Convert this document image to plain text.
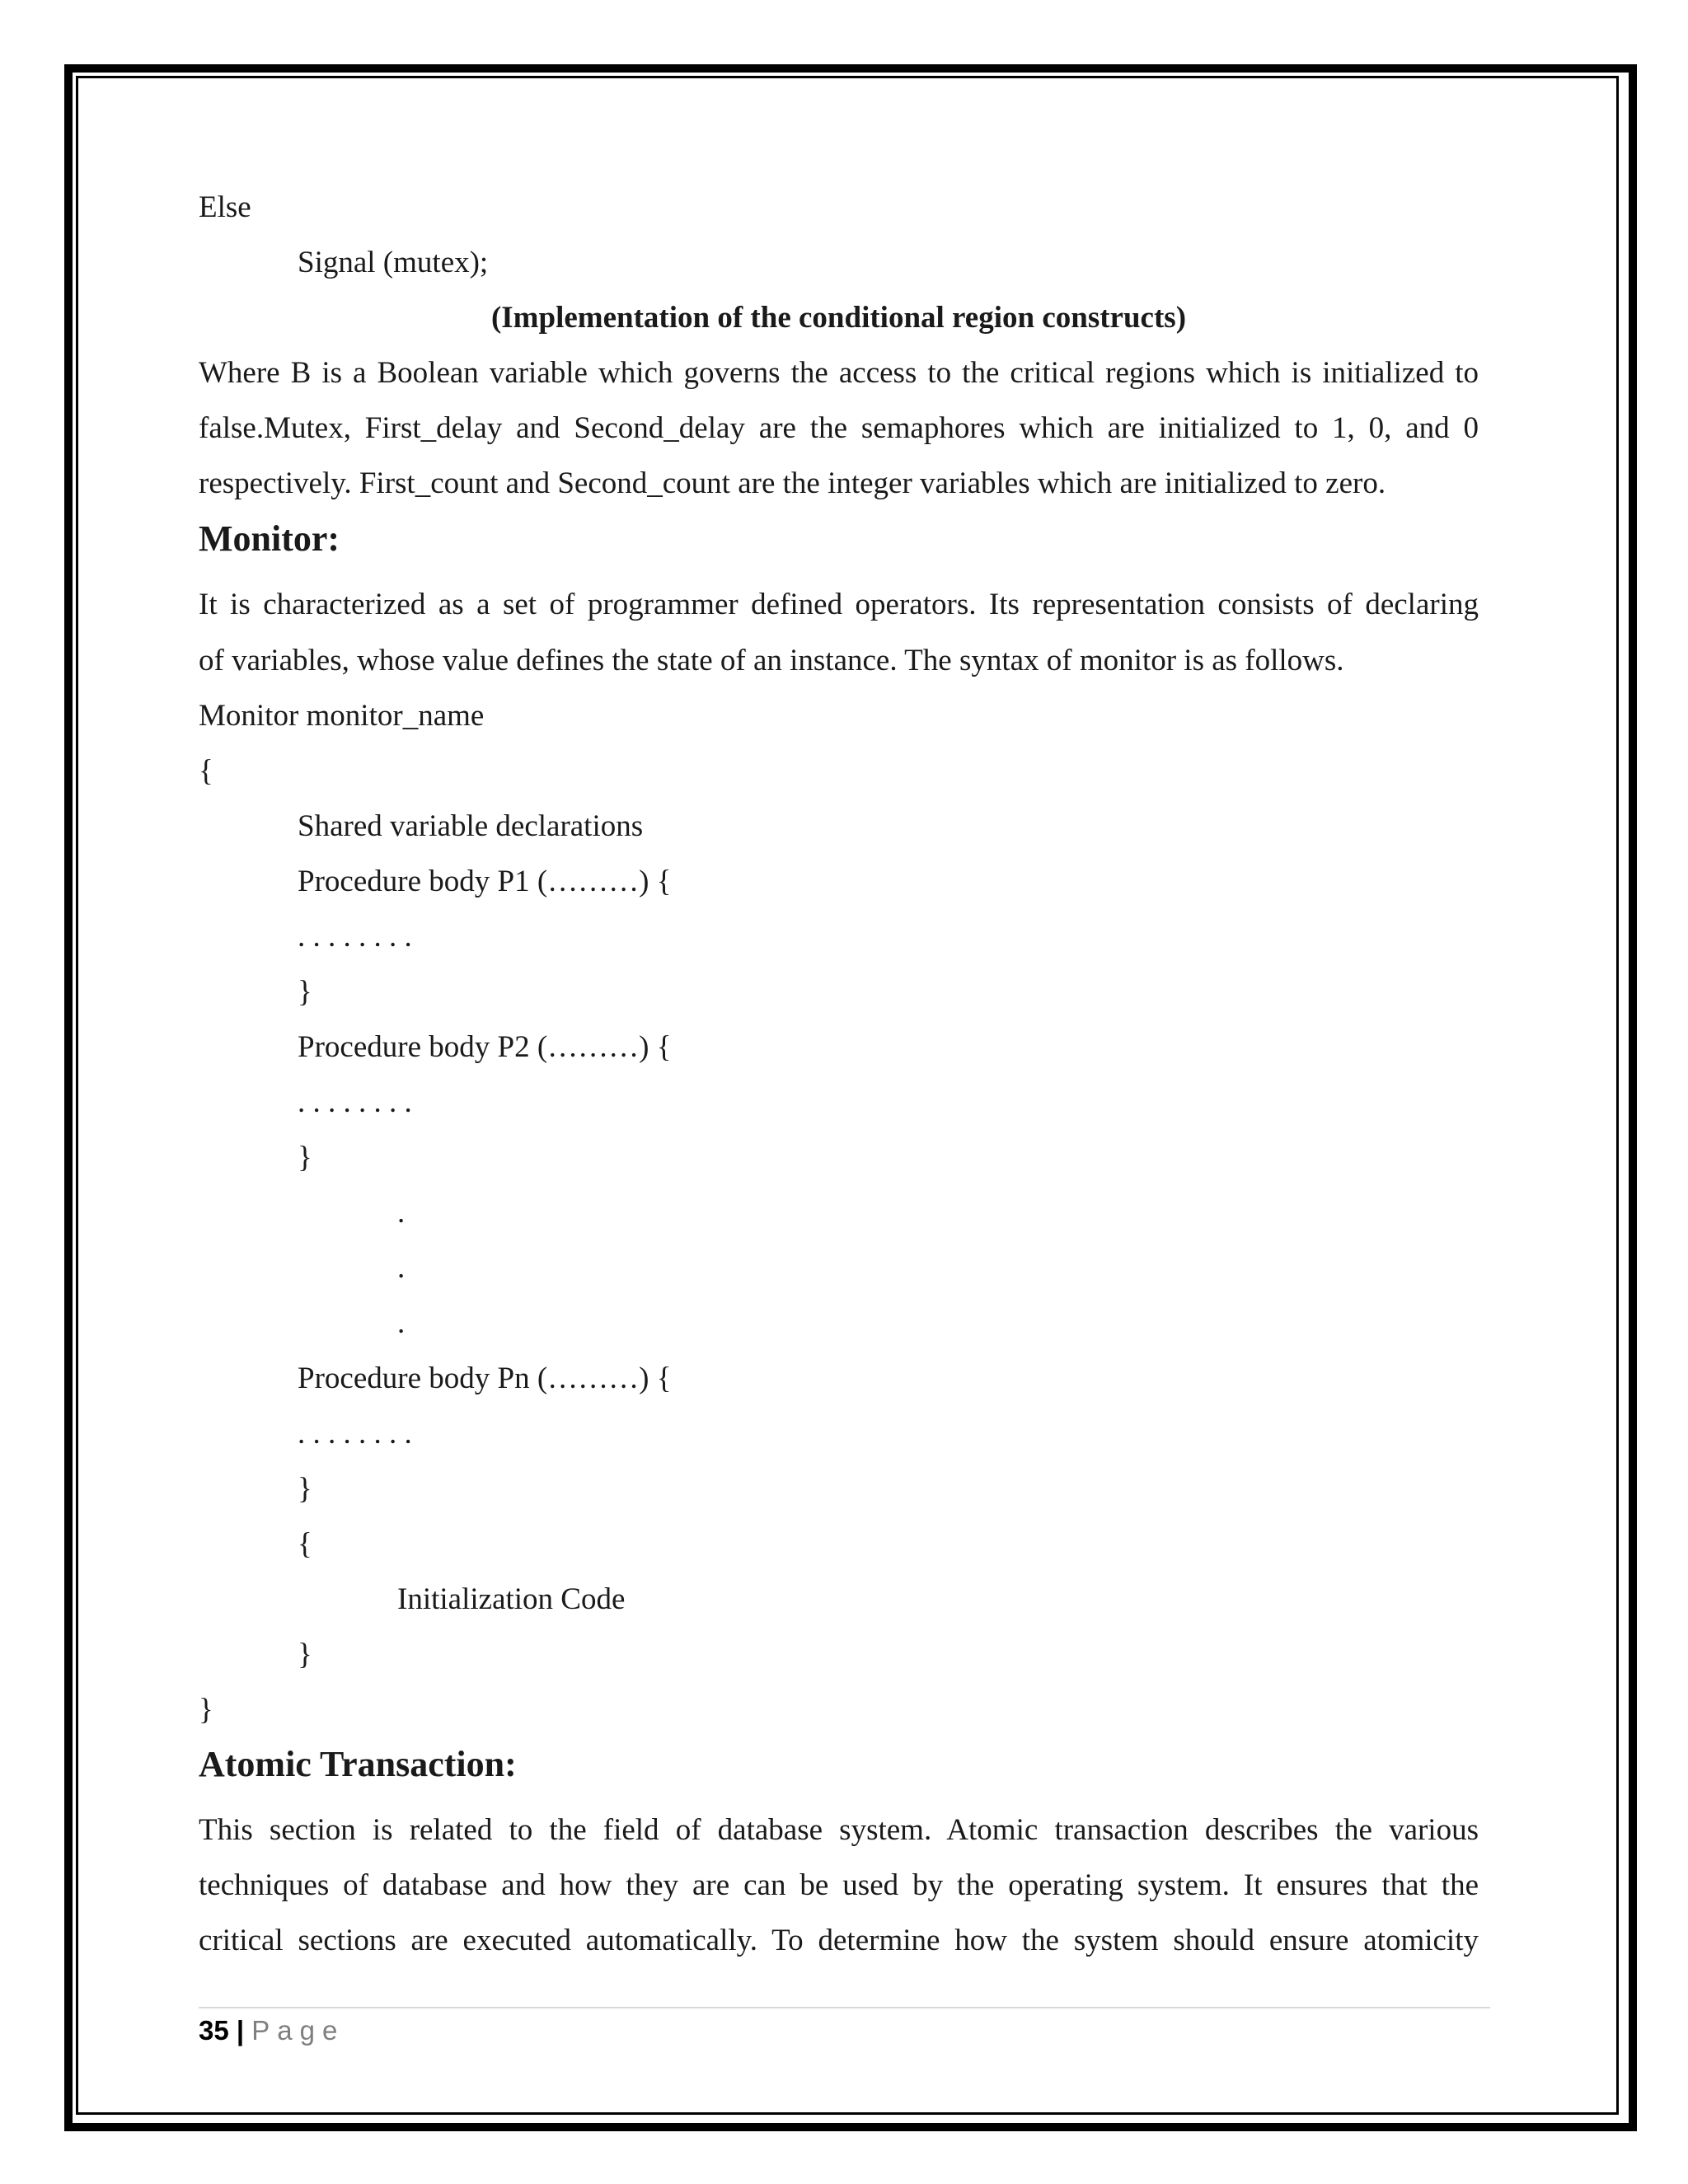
Else
Signal (mutex);
(Implementation of the conditional region constructs)
Where B is a Boolean variable which governs the access to the critical regions which is initialized to
false.Mutex, First_delay and Second_delay are the semaphores which are initialized to 1, 0, and 0
respectively. First_count and Second_count are the integer variables which are initialized to zero.
Monitor:
It is characterized as a set of programmer defined operators. Its representation consists of declaring
of variables, whose value defines the state of an instance. The syntax of monitor is as follows.
Monitor monitor_name
{
Shared variable declarations
Procedure body P1 (………) {
. . . . . . . .
}
Procedure body P2 (………) {
. . . . . . . .
}
.
.
.
Procedure body Pn (………) {
. . . . . . . .
}
{
Initialization Code
}
}
Atomic Transaction:
This section is related to the field of database system. Atomic transaction describes the various
techniques of database and how they are can be used by the operating system. It ensures that the
critical sections are executed automatically. To determine how the system should ensure atomicity
35 | Page
